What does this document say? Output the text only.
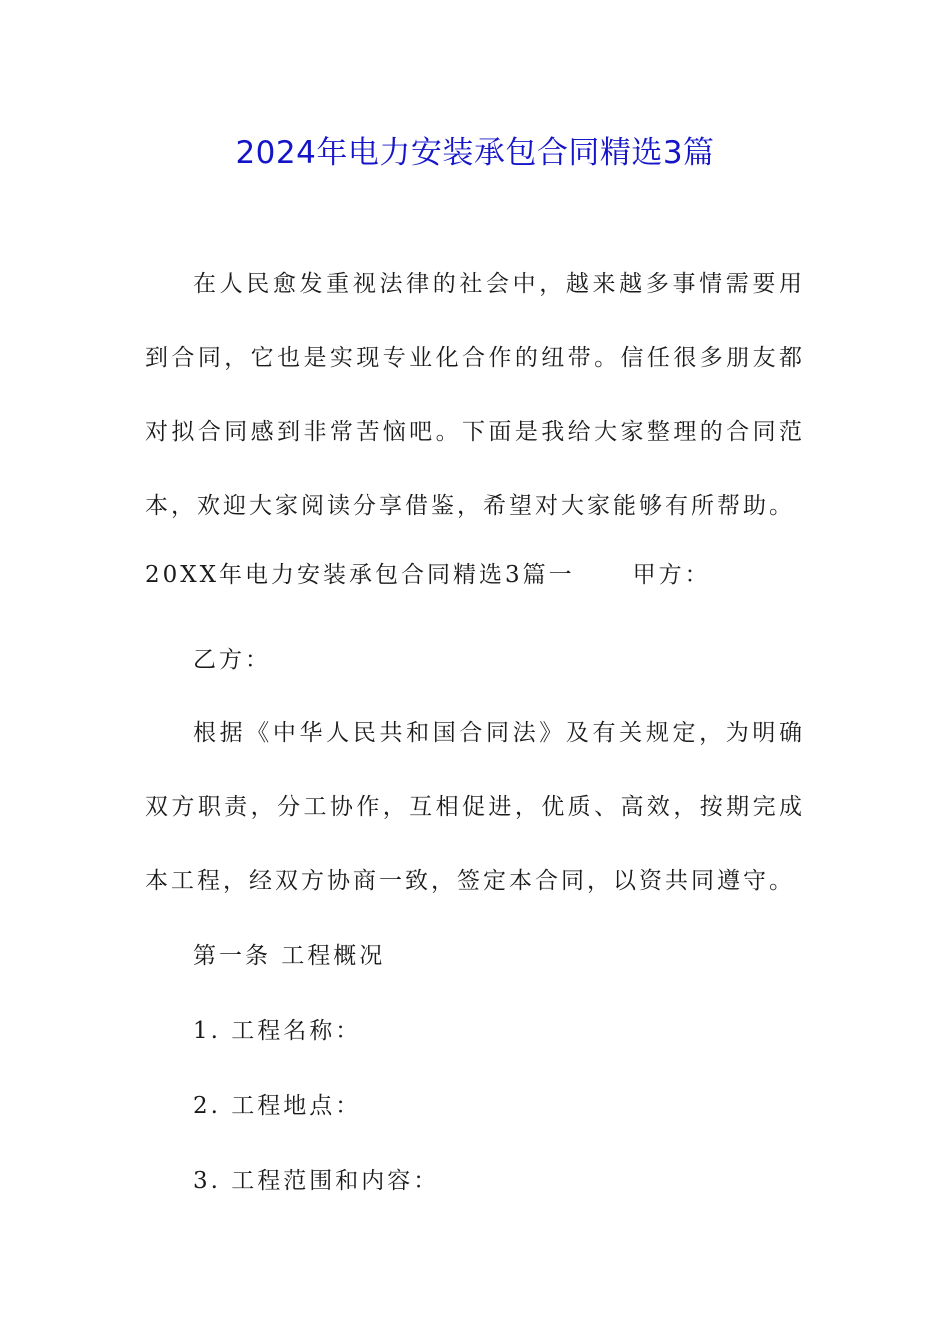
2024年电力安装承包合同精选3篇

在人民愈发重视法律的社会中，越来越多事情需要用到合同，它也是实现专业化合作的纽带。信任很多朋友都对拟合同感到非常苦恼吧。下面是我给大家整理的合同范本，欢迎大家阅读分享借鉴，希望对大家能够有所帮助。

20XX年电力安装承包合同精选3篇一	甲方：
乙方：

根据《中华人民共和国合同法》及有关规定，为明确双方职责，分工协作，互相促进，优质、高效，按期完成本工程，经双方协商一致，签定本合同，以资共同遵守。

第一条 工程概况
1. 工程名称：
2. 工程地点：
3. 工程范围和内容：
